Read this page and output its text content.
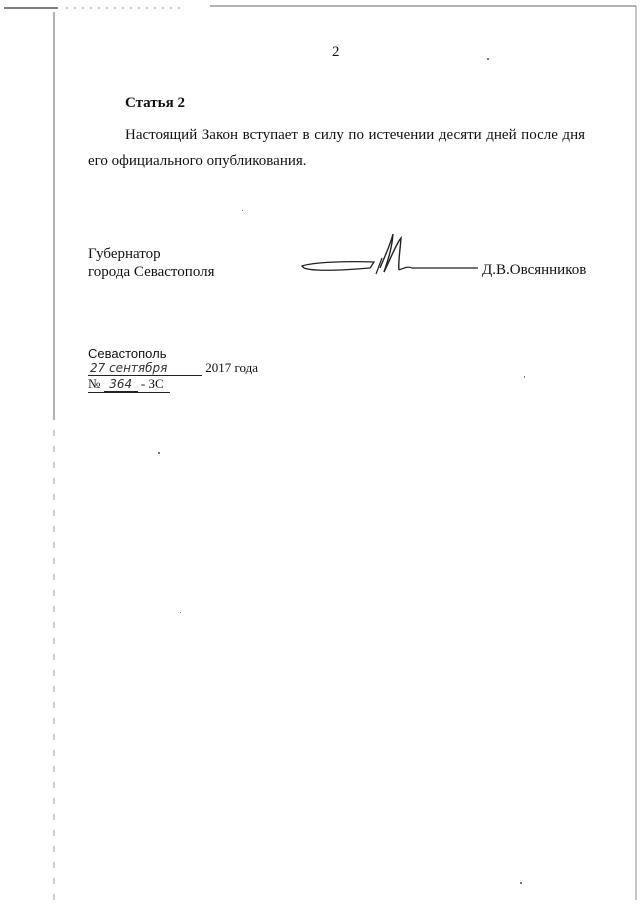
2
Статья 2
Настоящий Закон вступает в силу по истечении десяти дней после дня
его официального опубликования.
Губернатор
города Севастополя	Д.В.Овсянников
Севастополь
27 сентября	2017 года
№ 364 - ЗС
